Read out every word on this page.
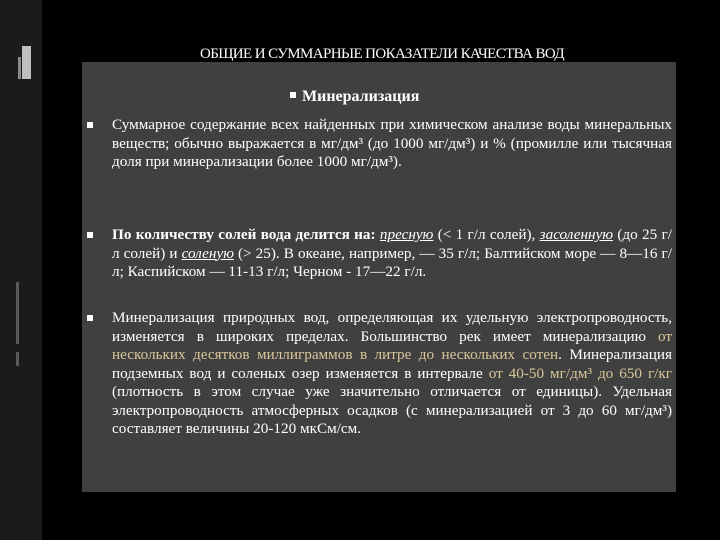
ОБЩИЕ И СУММАРНЫЕ ПОКАЗАТЕЛИ КАЧЕСТВА ВОД
Минерализация
Суммарное содержание всех найденных при химическом анализе воды минеральных веществ; обычно выражается в мг/дм³ (до 1000 мг/дм³) и % (промилле или тысячная доля при минерализации более 1000 мг/дм³).
По количеству солей вода делится на: пресную (< 1 г/л солей), засоленную (до 25 г/л солей) и соленую (> 25). В океане, например, — 35 г/л; Балтийском море — 8—16 г/л; Каспийском — 11-13 г/л; Черном - 17—22 г/л.
Минерализация природных вод, определяющая их удельную электропроводность, изменяется в широких пределах. Большинство рек имеет минерализацию от нескольких десятков миллиграммов в литре до нескольких сотен. Минерализация подземных вод и соленых озер изменяется в интервале от 40-50 мг/дм³ до 650 г/кг (плотность в этом случае уже значительно отличается от единицы). Удельная электропроводность атмосферных осадков (с минерализацией от 3 до 60 мг/дм³) составляет величины 20-120 мкСм/см.
